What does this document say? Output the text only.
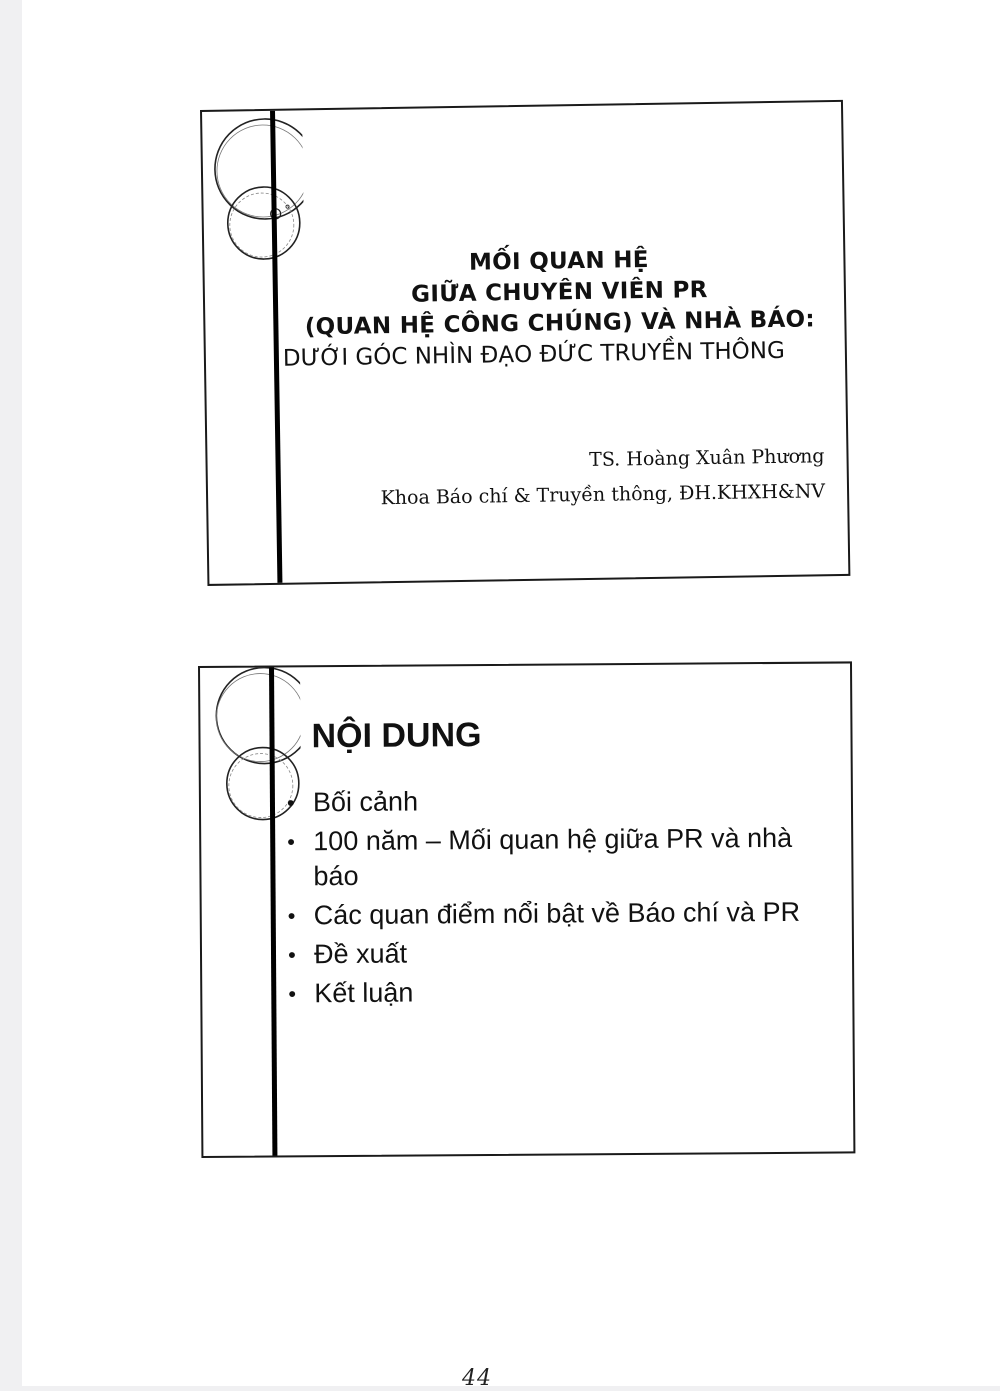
MỐI QUAN HỆ
GIỮA CHUYÊN VIÊN PR
(QUAN HỆ CÔNG CHÚNG) VÀ NHÀ BÁO:
DƯỚI GÓC NHÌN ĐẠO ĐỨC TRUYỀN THÔNG
TS. Hoàng Xuân Phương
Khoa Báo chí & Truyền thông, ĐH.KHXH&NV
NỘI DUNG
• Bối cảnh
• 100 năm – Mối quan hệ giữa PR và nhà báo
• Các quan điểm nổi bật về Báo chí và PR
• Đề xuất
• Kết luận
44
